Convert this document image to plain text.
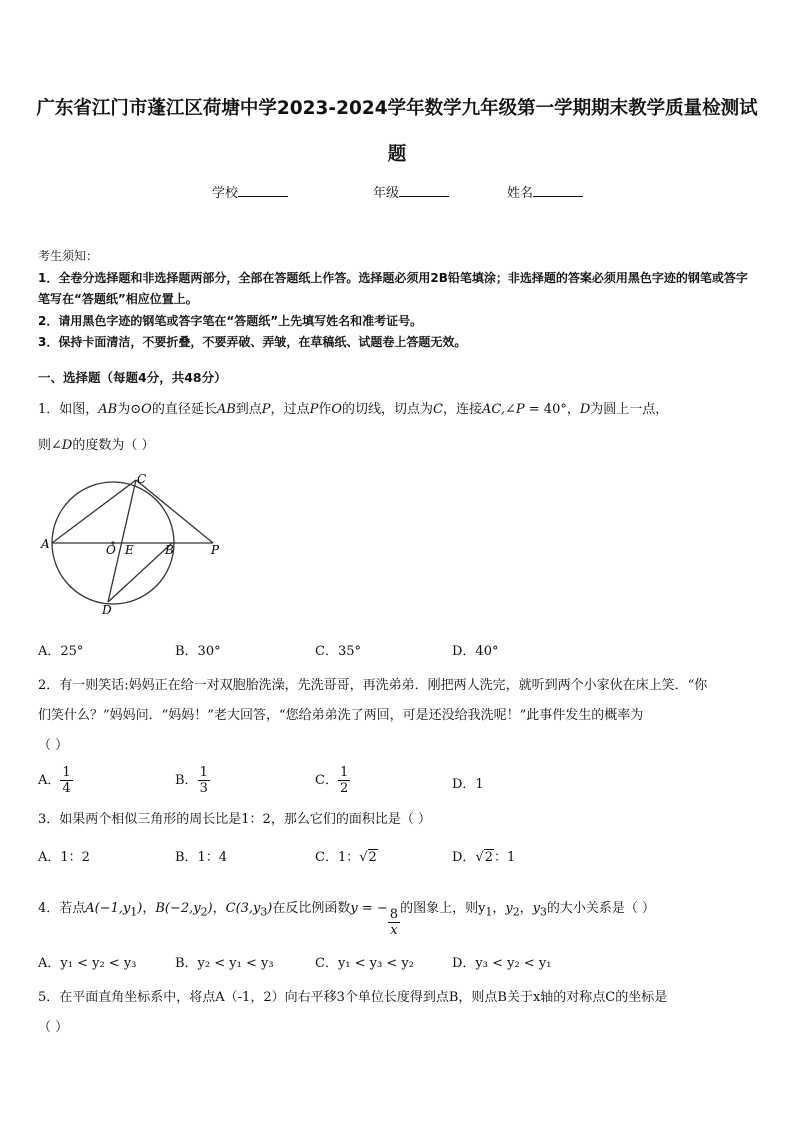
广东省江门市蓬江区荷塘中学2023-2024学年数学九年级第一学期期末教学质量检测试题
学校	年级	姓名

考生须知：

1．全卷分选择题和非选择题两部分，全部在答题纸上作答。选择题必须用2B铅笔填涂；非选择题的答案必须用黑色字迹的钢笔或答字笔写在“答题纸”相应位置上。

2．请用黑色字迹的钢笔或答字笔在“答题纸”上先填写姓名和准考证号。

3．保持卡面清洁，不要折叠，不要弄破、弄皱，在草稿纸、试题卷上答题无效。

一、选择题（每题4分，共48分）
1．如图，AB为⊙O的直径延长AB到点P，过点P作O的切线，切点为C，连接AC,∠P = 40°，D为圆上一点，
则∠D的度数为（ ）
C
A	O E	B	P
D
A．25°	B．30°	C．35°	D．40°
2．有一则笑话:妈妈正在给一对双胞胎洗澡，先洗哥哥，再洗弟弟．刚把两人洗完，就听到两个小家伙在床上笑．“你
们笑什么？”妈妈问．“妈妈！”老大回答，“您给弟弟洗了两回，可是还没给我洗呢！”此事件发生的概率为
（ ）
A． $\frac{1}{4}$	B． $\frac{1}{3}$	C． $\frac{1}{2}$	D．1
3．如果两个相似三角形的周长比是1：2，那么它们的面积比是（ ）
A．1：2	B．1：4	C．1：√2	D．√2：1
4．若点$A(-1,y_1)$，$B(-2,y_2)$，$C(3,y_3)$在反比例函数y = − $\frac{8}{x}$ 的图象上，则$y_1$，$y_2$，$y_3$的大小关系是（ ）
A．y₁ < y₂ < y₃	B．y₂ < y₁ < y₃	C．y₁ < y₃ < y₂	D．y₃ < y₂ < y₁
5．在平面直角坐标系中，将点A（-1，2）向右平移3个单位长度得到点B，则点B关于x轴的对称点C的坐标是
（ ）
